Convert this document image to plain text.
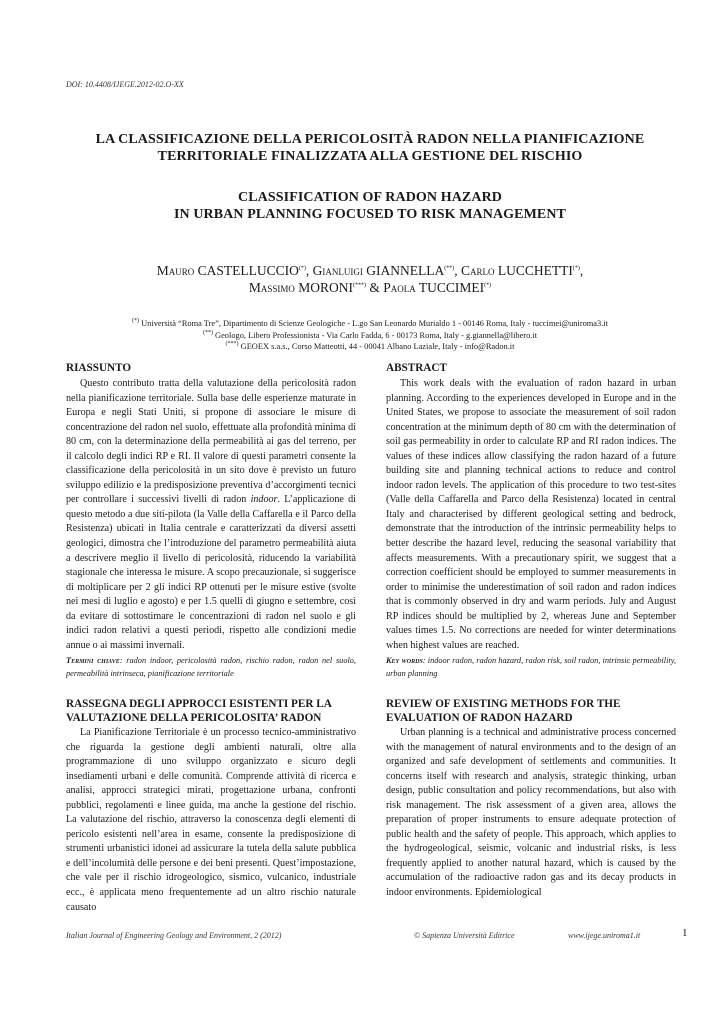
DOI: 10.4408/IJEGE.2012-02.O-XX
LA CLASSIFICAZIONE DELLA PERICOLOSITÀ RADON NELLA PIANIFICAZIONE
TERRITORIALE FINALIZZATA ALLA GESTIONE DEL RISCHIO
CLASSIFICATION OF RADON HAZARD
IN URBAN PLANNING FOCUSED TO RISK MANAGEMENT
Mauro CASTELLUCCIO(*), Gianluigi GIANNELLA(**), Carlo LUCCHETTI(*),
Massimo MORONI(***) & Paola TUCCIMEI(*)
(*) Università “Roma Tre”, Dipartimento di Scienze Geologiche - L.go San Leonardo Murialdo 1 - 00146 Roma, Italy - tuccimei@uniroma3.it
(**) Geologo, Libero Professionista - Via Carlo Fadda, 6 - 00173 Roma, Italy - g.giannella@libero.it
(***) GEOEX s.a.s., Corso Matteotti, 44 - 00041 Albano Laziale, Italy - info@Radon.it
RIASSUNTO

Questo contributo tratta della valutazione della pericolosità radon nella pianificazione territoriale. Sulla base delle esperienze maturate in Europa e negli Stati Uniti, si propone di associare le misure di concentrazione del radon nel suolo, effettuate alla profondità minima di 80 cm, con la determinazione della permeabilità ai gas del terreno, per il calcolo degli indici RP e RI. Il valore di questi parametri consente la classificazione della pericolosità in un sito dove è previsto un futuro sviluppo edilizio e la predisposizione preventiva d’accorgimenti tecnici per controllare i successivi livelli di radon indoor. L’applicazione di questo metodo a due siti-pilota (la Valle della Caffarella e il Parco della Resistenza) ubicati in Italia centrale e caratterizzati da diversi assetti geologici, dimostra che l’introduzione del parametro permeabilità aiuta a descrivere meglio il livello di pericolosità, riducendo la variabilità stagionale che interessa le misure. A scopo precauzionale, si suggerisce di moltiplicare per 2 gli indici RP ottenuti per le misure estive (svolte nei mesi di luglio e agosto) e per 1.5 quelli di giugno e settembre, così da evitare di sottostimare le concentrazioni di radon nel suolo e gli indici radon relativi a questi periodi, rispetto alle condizioni medie annue o ai massimi invernali.

Termini chiave: radon indoor, pericolosità radon, rischio radon, radon nel suolo, permeabilità intrinseca, pianificazione territoriale

RASSEGNA DEGLI APPROCCI ESISTENTI PER LA VALUTAZIONE DELLA PERICOLOSITA’ RADON

La Pianificazione Territoriale è un processo tecnico-amministrativo che riguarda la gestione degli ambienti naturali, oltre alla programmazione di uno sviluppo organizzato e sicuro degli insediamenti urbani e delle comunità. Comprende attività di ricerca e analisi, approcci strategici mirati, progettazione urbana, confronti pubblici, regolamenti e linee guida, ma anche la gestione del rischio. La valutazione del rischio, attraverso la conoscenza degli elementi di pericolo esistenti nell’area in esame, consente la predisposizione di strumenti urbanistici idonei ad assicurare la tutela della salute pubblica e dell’incolumità delle persone e dei beni presenti. Quest’impostazione, che vale per il rischio idrogeologico, sismico, vulcanico, industriale ecc., è applicata meno frequentemente ad un altro rischio naturale causato

ABSTRACT

This work deals with the evaluation of radon hazard in urban planning. According to the experiences developed in Europe and in the United States, we propose to associate the measurement of soil radon concentration at the minimum depth of 80 cm with the determination of soil gas permeability in order to calculate RP and RI radon indices. The values of these indices allow classifying the radon hazard of a future building site and planning technical actions to reduce and control indoor radon levels. The application of this procedure to two test-sites (Valle della Caffarella and Parco della Resistenza) located in central Italy and characterised by different geological setting and bedrock, demonstrate that the introduction of the intrinsic permeability helps to better describe the hazard level, reducing the seasonal variability that affects measurements. With a precautionary spirit, we suggest that a correction coefficient should be employed to summer measurements in order to minimise the underestimation of soil radon and radon indices that is commonly observed in dry and warm periods. July and August RP indices should be multiplied by 2, whereas June and September values times 1.5. No corrections are needed for winter determinations when highest values are reached.

Key words: indoor radon, radon hazard, radon risk, soil radon, intrinsic permeability, urban planning

REVIEW OF EXISTING METHODS FOR THE EVALUATION OF RADON HAZARD

Urban planning is a technical and administrative process concerned with the management of natural environments and to the design of an organized and safe development of settlements and communities. It concerns itself with research and analysis, strategic thinking, urban design, public consultation and policy recommendations, but also with risk management. The risk assessment of a given area, allows the preparation of proper instruments to ensure adequate protection of public health and the safety of people. This approach, which applies to the hydrogeological, seismic, volcanic and industrial risks, is less frequently applied to another natural hazard, which is caused by the accumulation of the radioactive radon gas and its decay products in indoor environments. Epidemiological

Italian Journal of Engineering Geology and Environment, 2 (2012)	© Sapienza Università Editrice	www.ijege.uniroma1.it	1
